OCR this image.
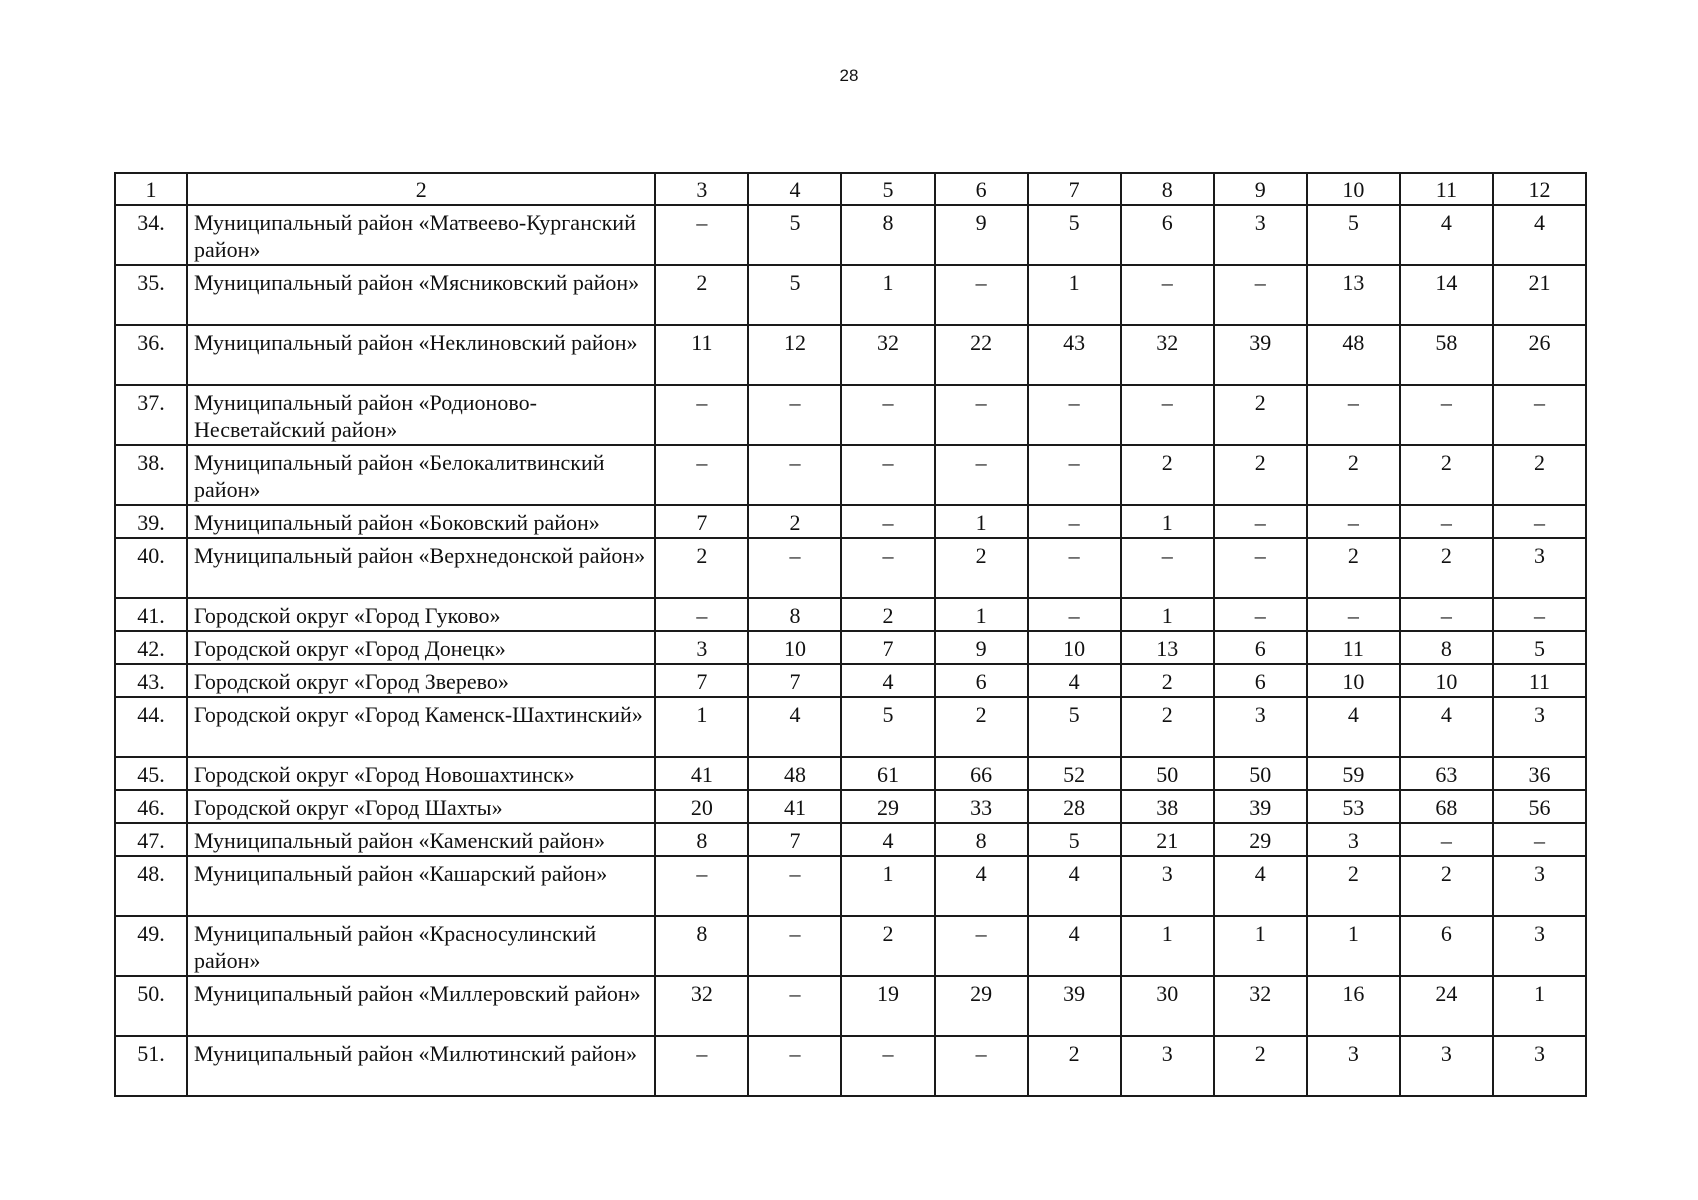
28
1	2	3	4	5	6	7	8	9	10	11	12
34.	Муниципальный район «Матвеево-Курганский район»	–	5	8	9	5	6	3	5	4	4
35.	Муниципальный район «Мясниковский район»	2	5	1	–	1	–	–	13	14	21
36.	Муниципальный район «Неклиновский район»	11	12	32	22	43	32	39	48	58	26
37.	Муниципальный район «Родионово-Несветайский район»	–	–	–	–	–	–	2	–	–	–
38.	Муниципальный район «Белокалитвинский район»	–	–	–	–	–	2	2	2	2	2
39.	Муниципальный район «Боковский район»	7	2	–	1	–	1	–	–	–	–
40.	Муниципальный район «Верхнедонской район»	2	–	–	2	–	–	–	2	2	3
41.	Городской округ «Город Гуково»	–	8	2	1	–	1	–	–	–	–
42.	Городской округ «Город Донецк»	3	10	7	9	10	13	6	11	8	5
43.	Городской округ «Город Зверево»	7	7	4	6	4	2	6	10	10	11
44.	Городской округ «Город Каменск-Шахтинский»	1	4	5	2	5	2	3	4	4	3
45.	Городской округ «Город Новошахтинск»	41	48	61	66	52	50	50	59	63	36
46.	Городской округ «Город Шахты»	20	41	29	33	28	38	39	53	68	56
47.	Муниципальный район «Каменский район»	8	7	4	8	5	21	29	3	–	–
48.	Муниципальный район «Кашарский район»	–	–	1	4	4	3	4	2	2	3
49.	Муниципальный район «Красносулинский район»	8	–	2	–	4	1	1	1	6	3
50.	Муниципальный район «Миллеровский район»	32	–	19	29	39	30	32	16	24	1
51.	Муниципальный район «Милютинский район»	–	–	–	–	2	3	2	3	3	3
